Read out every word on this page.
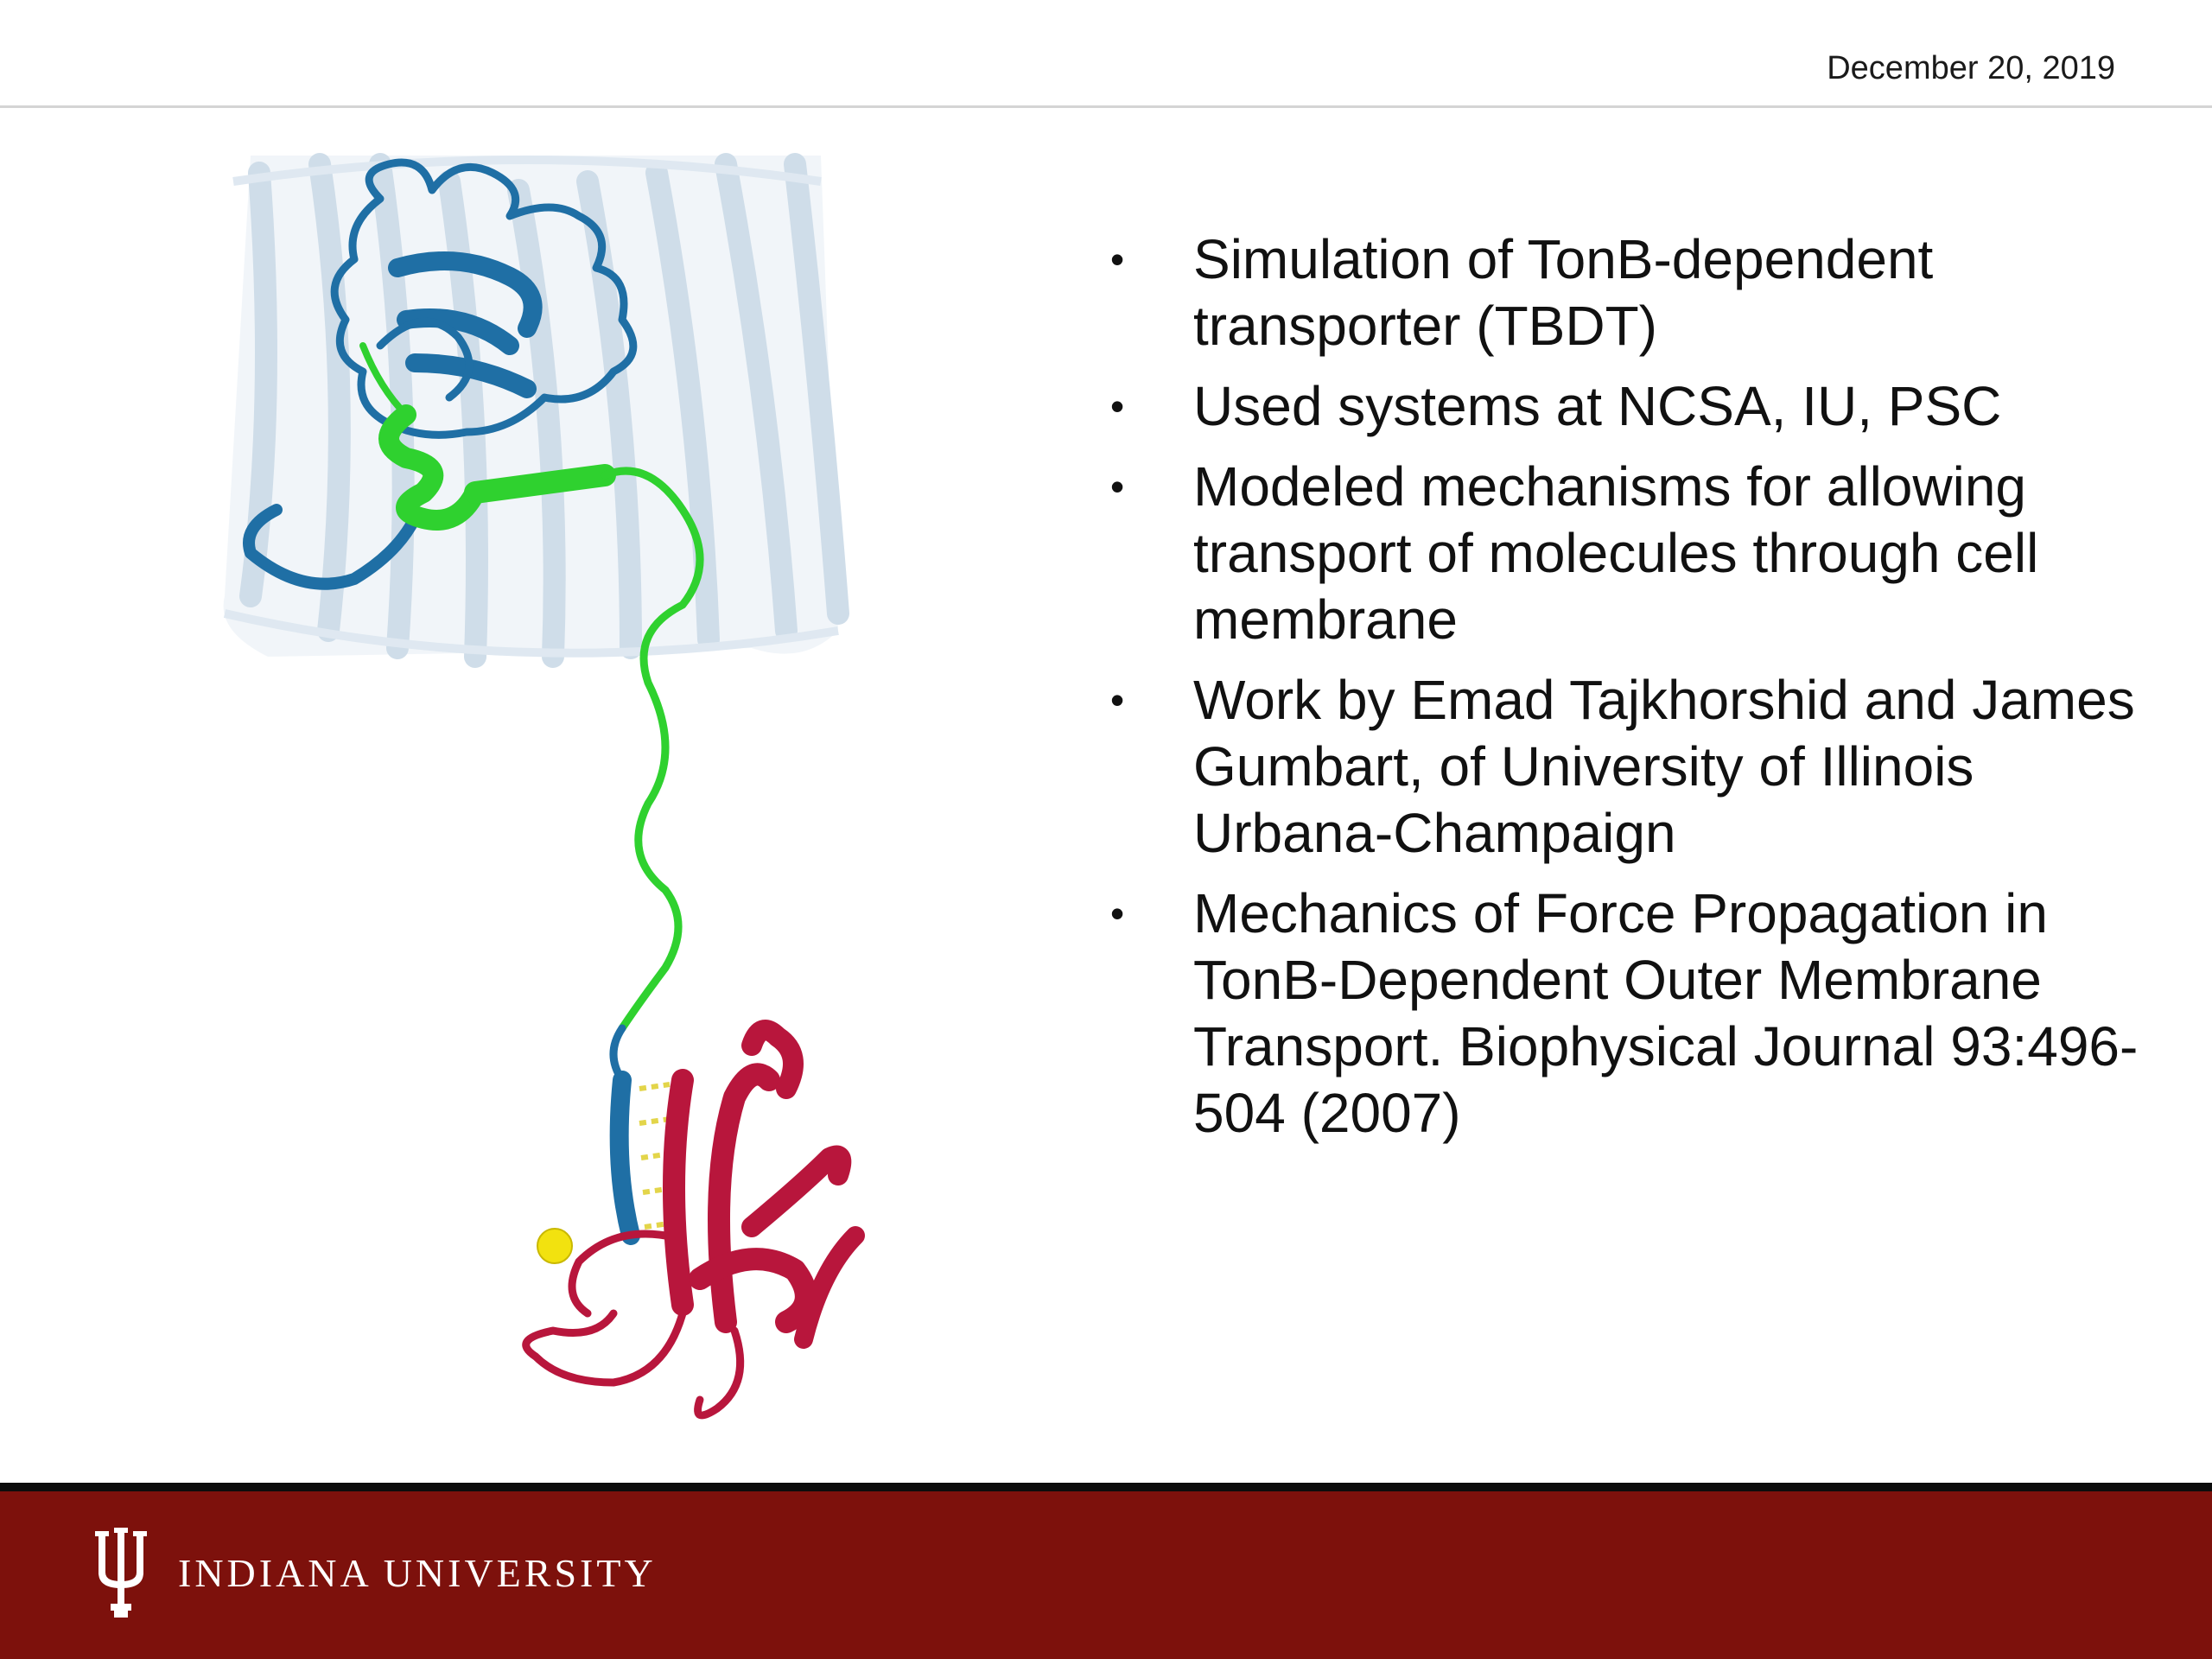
December 20, 2019
• Simulation of TonB-dependent transporter (TBDT)
• Used systems at NCSA, IU, PSC
• Modeled mechanisms for allowing transport of molecules through cell membrane
• Work by Emad Tajkhorshid and James Gumbart, of University of Illinois Urbana-Champaign
• Mechanics of Force Propagation in TonB-Dependent Outer Membrane Transport. Biophysical Journal 93:496-504 (2007)
INDIANA UNIVERSITY
